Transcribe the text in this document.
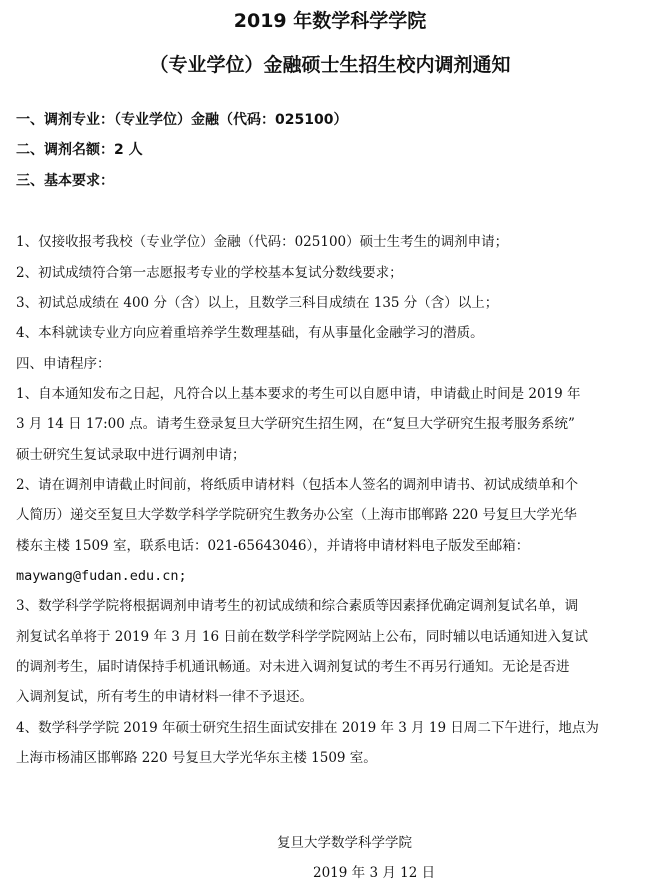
2019 年数学科学学院
（专业学位）金融硕士生招生校内调剂通知
一、调剂专业：（专业学位）金融（代码：025100）
二、调剂名额：2 人
三、基本要求：
1、仅接收报考我校（专业学位）金融（代码：025100）硕士生考生的调剂申请；
2、初试成绩符合第一志愿报考专业的学校基本复试分数线要求；
3、初试总成绩在 400 分（含）以上，且数学三科目成绩在 135 分（含）以上；
4、本科就读专业方向应着重培养学生数理基础，有从事量化金融学习的潜质。
四、申请程序：
1、自本通知发布之日起，凡符合以上基本要求的考生可以自愿申请，申请截止时间是 2019 年
3 月 14 日 17:00 点。请考生登录复旦大学研究生招生网，在“复旦大学研究生报考服务系统”
硕士研究生复试录取中进行调剂申请；
2、请在调剂申请截止时间前，将纸质申请材料（包括本人签名的调剂申请书、初试成绩单和个
人简历）递交至复旦大学数学科学学院研究生教务办公室（上海市邯郸路 220 号复旦大学光华
楼东主楼 1509 室，联系电话：021-65643046），并请将申请材料电子版发至邮箱：
maywang@fudan.edu.cn;
3、数学科学学院将根据调剂申请考生的初试成绩和综合素质等因素择优确定调剂复试名单，调
剂复试名单将于 2019 年 3 月 16 日前在数学科学学院网站上公布，同时辅以电话通知进入复试
的调剂考生，届时请保持手机通讯畅通。对未进入调剂复试的考生不再另行通知。无论是否进
入调剂复试，所有考生的申请材料一律不予退还。
4、数学科学学院 2019 年硕士研究生招生面试安排在 2019 年 3 月 19 日周二下午进行，地点为
上海市杨浦区邯郸路 220 号复旦大学光华东主楼 1509 室。
复旦大学数学科学学院
2019 年 3 月 12 日
